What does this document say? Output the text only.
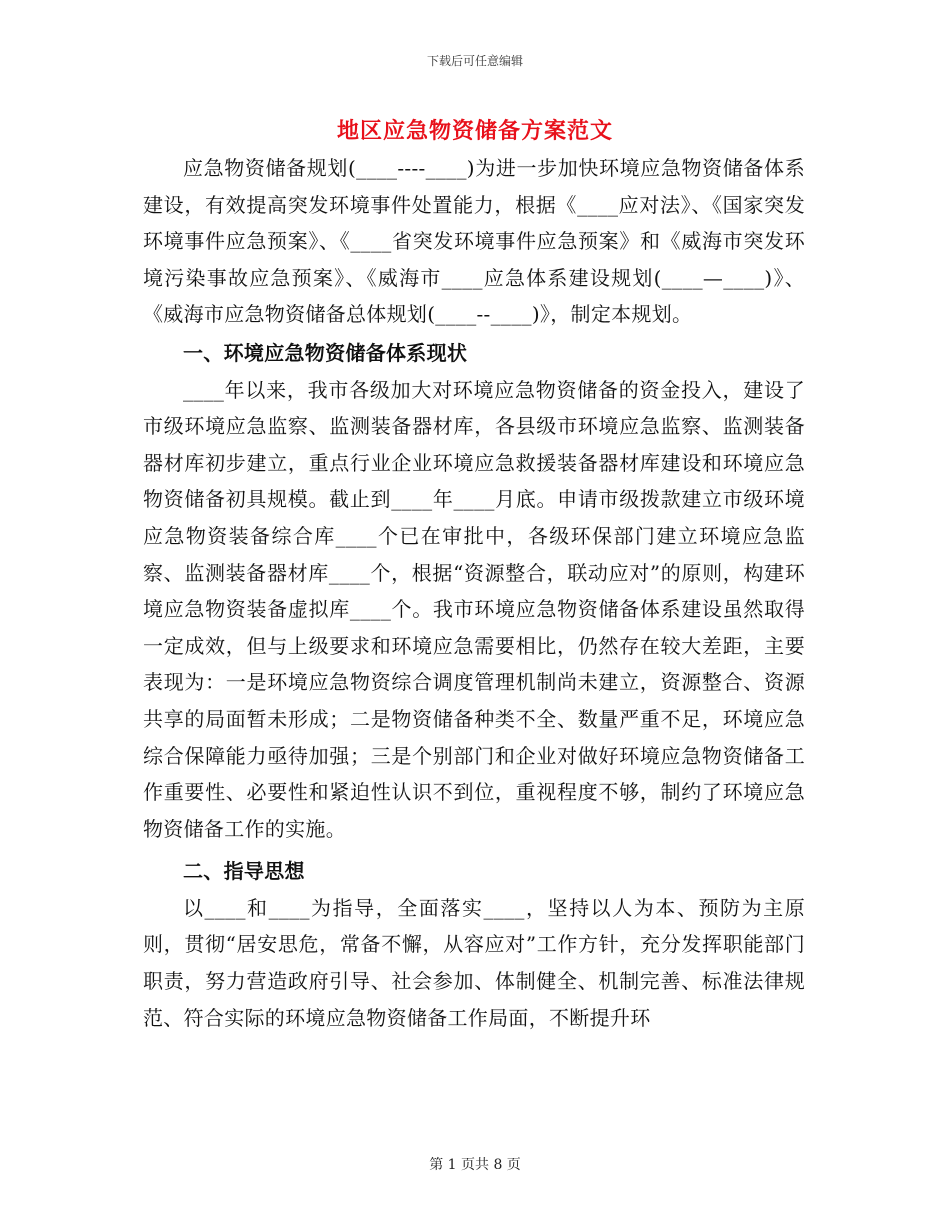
下载后可任意编辑
地区应急物资储备方案范文

应急物资储备规划(____----____)为进一步加快环境应急物资储备体系建设，有效提高突发环境事件处置能力，根据《____应对法》、《国家突发环境事件应急预案》、《____省突发环境事件应急预案》和《威海市突发环境污染事故应急预案》、《威海市____应急体系建设规划(____—____)》、《威海市应急物资储备总体规划(____--____)》，制定本规划。

一、环境应急物资储备体系现状

____年以来，我市各级加大对环境应急物资储备的资金投入，建设了市级环境应急监察、监测装备器材库，各县级市环境应急监察、监测装备器材库初步建立，重点行业企业环境应急救援装备器材库建设和环境应急物资储备初具规模。截止到____年____月底。申请市级拨款建立市级环境应急物资装备综合库____个已在审批中，各级环保部门建立环境应急监察、监测装备器材库____个，根据“资源整合，联动应对”的原则，构建环境应急物资装备虚拟库____个。我市环境应急物资储备体系建设虽然取得一定成效，但与上级要求和环境应急需要相比，仍然存在较大差距，主要表现为：一是环境应急物资综合调度管理机制尚未建立，资源整合、资源共享的局面暂未形成；二是物资储备种类不全、数量严重不足，环境应急综合保障能力亟待加强；三是个别部门和企业对做好环境应急物资储备工作重要性、必要性和紧迫性认识不到位，重视程度不够，制约了环境应急物资储备工作的实施。

二、指导思想

以____和____为指导，全面落实____，坚持以人为本、预防为主原则，贯彻“居安思危，常备不懈，从容应对”工作方针，充分发挥职能部门职责，努力营造政府引导、社会参加、体制健全、机制完善、标准法律规范、符合实际的环境应急物资储备工作局面，不断提升环

第 1 页共 8 页
